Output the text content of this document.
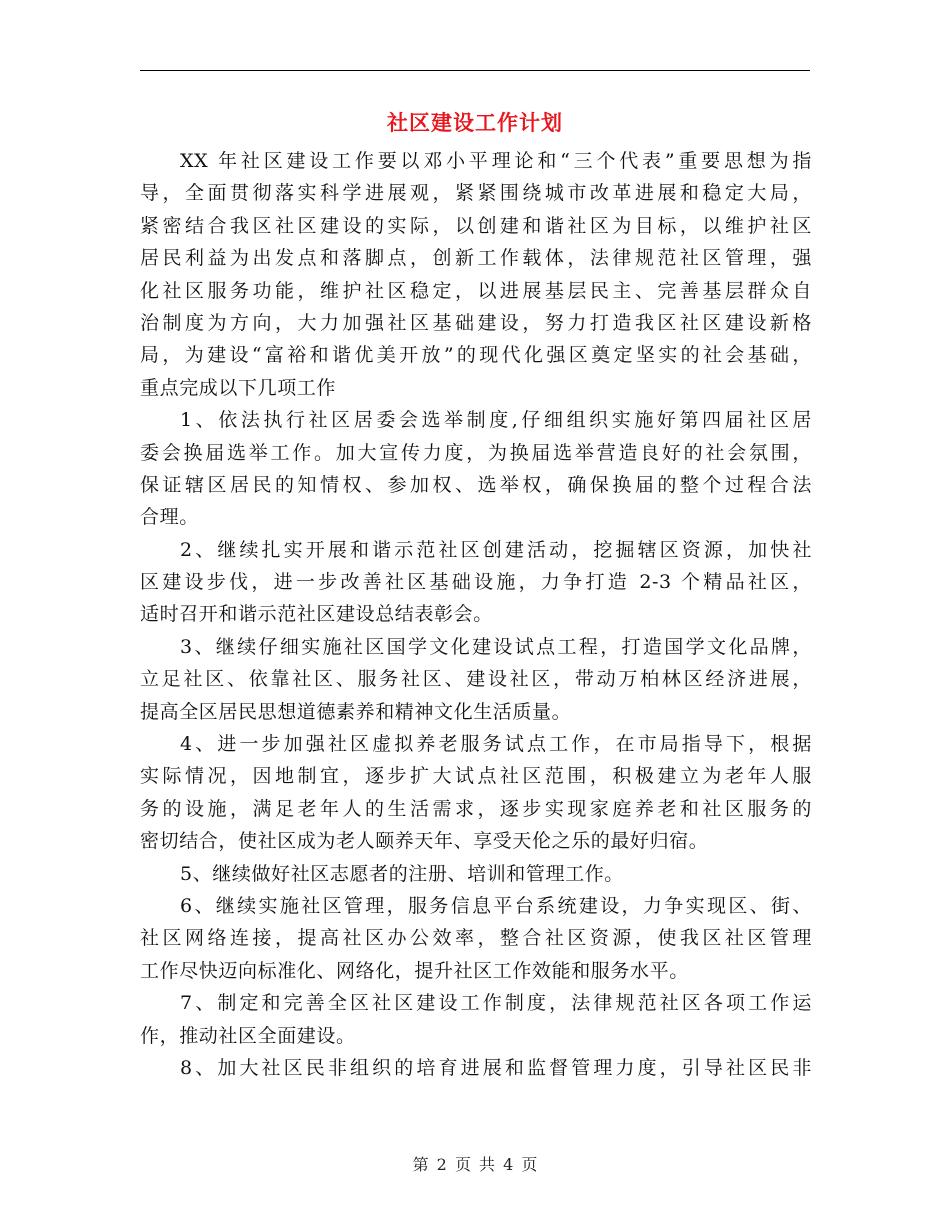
社区建设工作计划
XX 年社区建设工作要以邓小平理论和“三个代表”重要思想为指
导，全面贯彻落实科学进展观，紧紧围绕城市改革进展和稳定大局，
紧密结合我区社区建设的实际，以创建和谐社区为目标，以维护社区
居民利益为出发点和落脚点，创新工作载体，法律规范社区管理，强
化社区服务功能，维护社区稳定，以进展基层民主、完善基层群众自
治制度为方向，大力加强社区基础建设，努力打造我区社区建设新格
局，为建设“富裕和谐优美开放”的现代化强区奠定坚实的社会基础，
重点完成以下几项工作
1、依法执行社区居委会选举制度,仔细组织实施好第四届社区居
委会换届选举工作。加大宣传力度，为换届选举营造良好的社会氛围，
保证辖区居民的知情权、参加权、选举权，确保换届的整个过程合法
合理。
2、继续扎实开展和谐示范社区创建活动，挖掘辖区资源，加快社
区建设步伐，进一步改善社区基础设施，力争打造 2-3 个精品社区，
适时召开和谐示范社区建设总结表彰会。
3、继续仔细实施社区国学文化建设试点工程，打造国学文化品牌，
立足社区、依靠社区、服务社区、建设社区，带动万柏林区经济进展，
提高全区居民思想道德素养和精神文化生活质量。
4、进一步加强社区虚拟养老服务试点工作，在市局指导下，根据
实际情况，因地制宜，逐步扩大试点社区范围，积极建立为老年人服
务的设施，满足老年人的生活需求，逐步实现家庭养老和社区服务的
密切结合，使社区成为老人颐养天年、享受天伦之乐的最好归宿。
5、继续做好社区志愿者的注册、培训和管理工作。
6、继续实施社区管理，服务信息平台系统建设，力争实现区、街、
社区网络连接，提高社区办公效率，整合社区资源，使我区社区管理
工作尽快迈向标准化、网络化，提升社区工作效能和服务水平。
7、制定和完善全区社区建设工作制度，法律规范社区各项工作运
作，推动社区全面建设。
8、加大社区民非组织的培育进展和监督管理力度，引导社区民非
第 2 页 共 4 页
